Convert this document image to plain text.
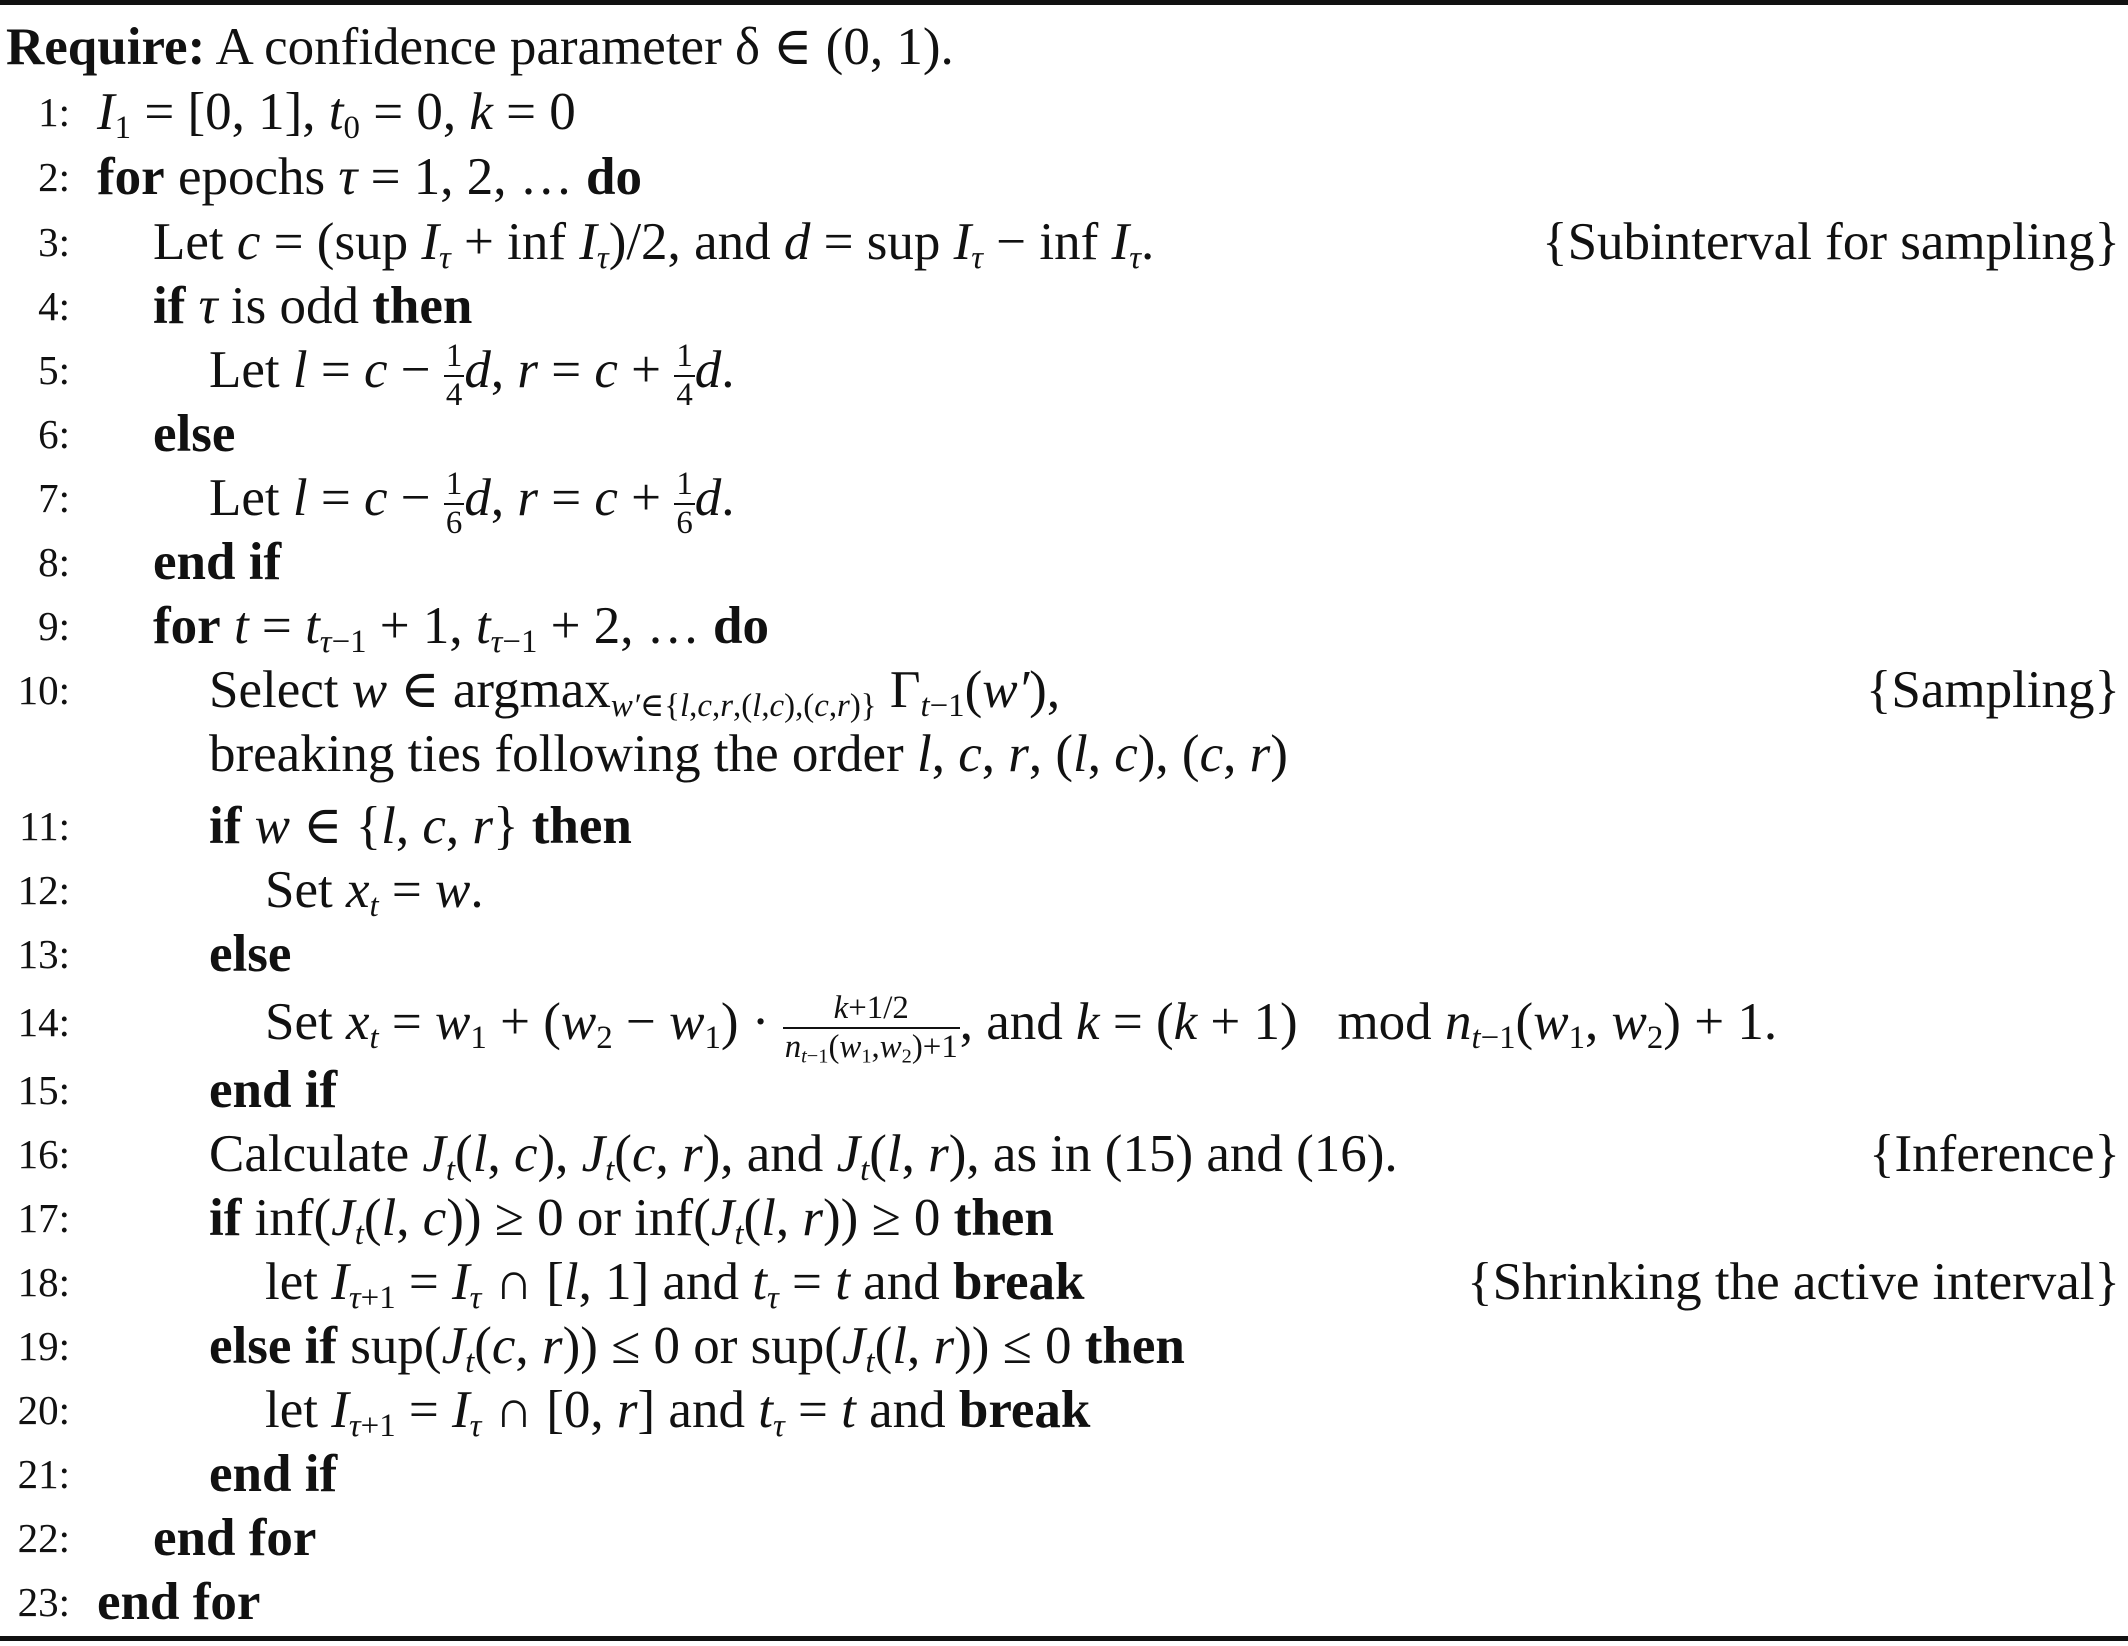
Require: A confidence parameter δ ∈ (0, 1).
1: $I_1 = [0$, 1], $t_0 = 0$, k = 0
2: for epochs τ = 1, 2, … do
3: Let c = (sup $I_\tau$ + inf $I_\tau)/2$, and d = sup $I_\tau$ − inf $I_\tau$.	{Subinterval for sampling}
4: if τ is odd then
5:	Let $l = c - \frac{1}{4} d$, $r = c + \frac{1}{4} d$.
6: else
7:	Let $l = c - \frac{1}{6} d$, $r = c + \frac{1}{6} d$.
8: end if
9: for $t = t_{\tau-1} + 1$, $t_{\tau-1} + 2$, … do
10:	Select w ∈ argmax$_{w'\in\{l,c,r,(l,c),(c,r)\}}$ $\Gamma_{t-1}(w')$,	{Sampling}
breaking ties following the order l, c, r, (l, c), (c, r)
11:	if w ∈ {l, c, r} then
12:	Set $x_t = w$.
13:	else
14:	Set $x_t = w_1 + (w_2 - w_1) \cdot \frac{k+1/2}{n_{t-1}(w_1,w_2)+1}$ , and k = (k + 1)   mod $n_{t-1}(w_1$, $w_2) + 1$.
15:	end if
16:	Calculate $J_t(l$, c), $J_t(c$, r), and $J_t(l$, r), as in (15) and (16).	{Inference}
17:	if $inf(J_t(l$, c)) ≥ 0 or $inf(J_t(l$, r)) ≥ 0 then
18:	let $I_{\tau+1} = I_\tau$ ∩ [l, 1] and $t_\tau = t$ and break	{Shrinking the active interval}
19:	else if $sup(J_t(c$, r)) ≤ 0 or $sup(J_t(l$, r)) ≤ 0 then
20:	let $I_{\tau+1} = I_\tau$ ∩ [0, r] and $t_\tau = t$ and break
21:	end if
22: end for
23: end for
